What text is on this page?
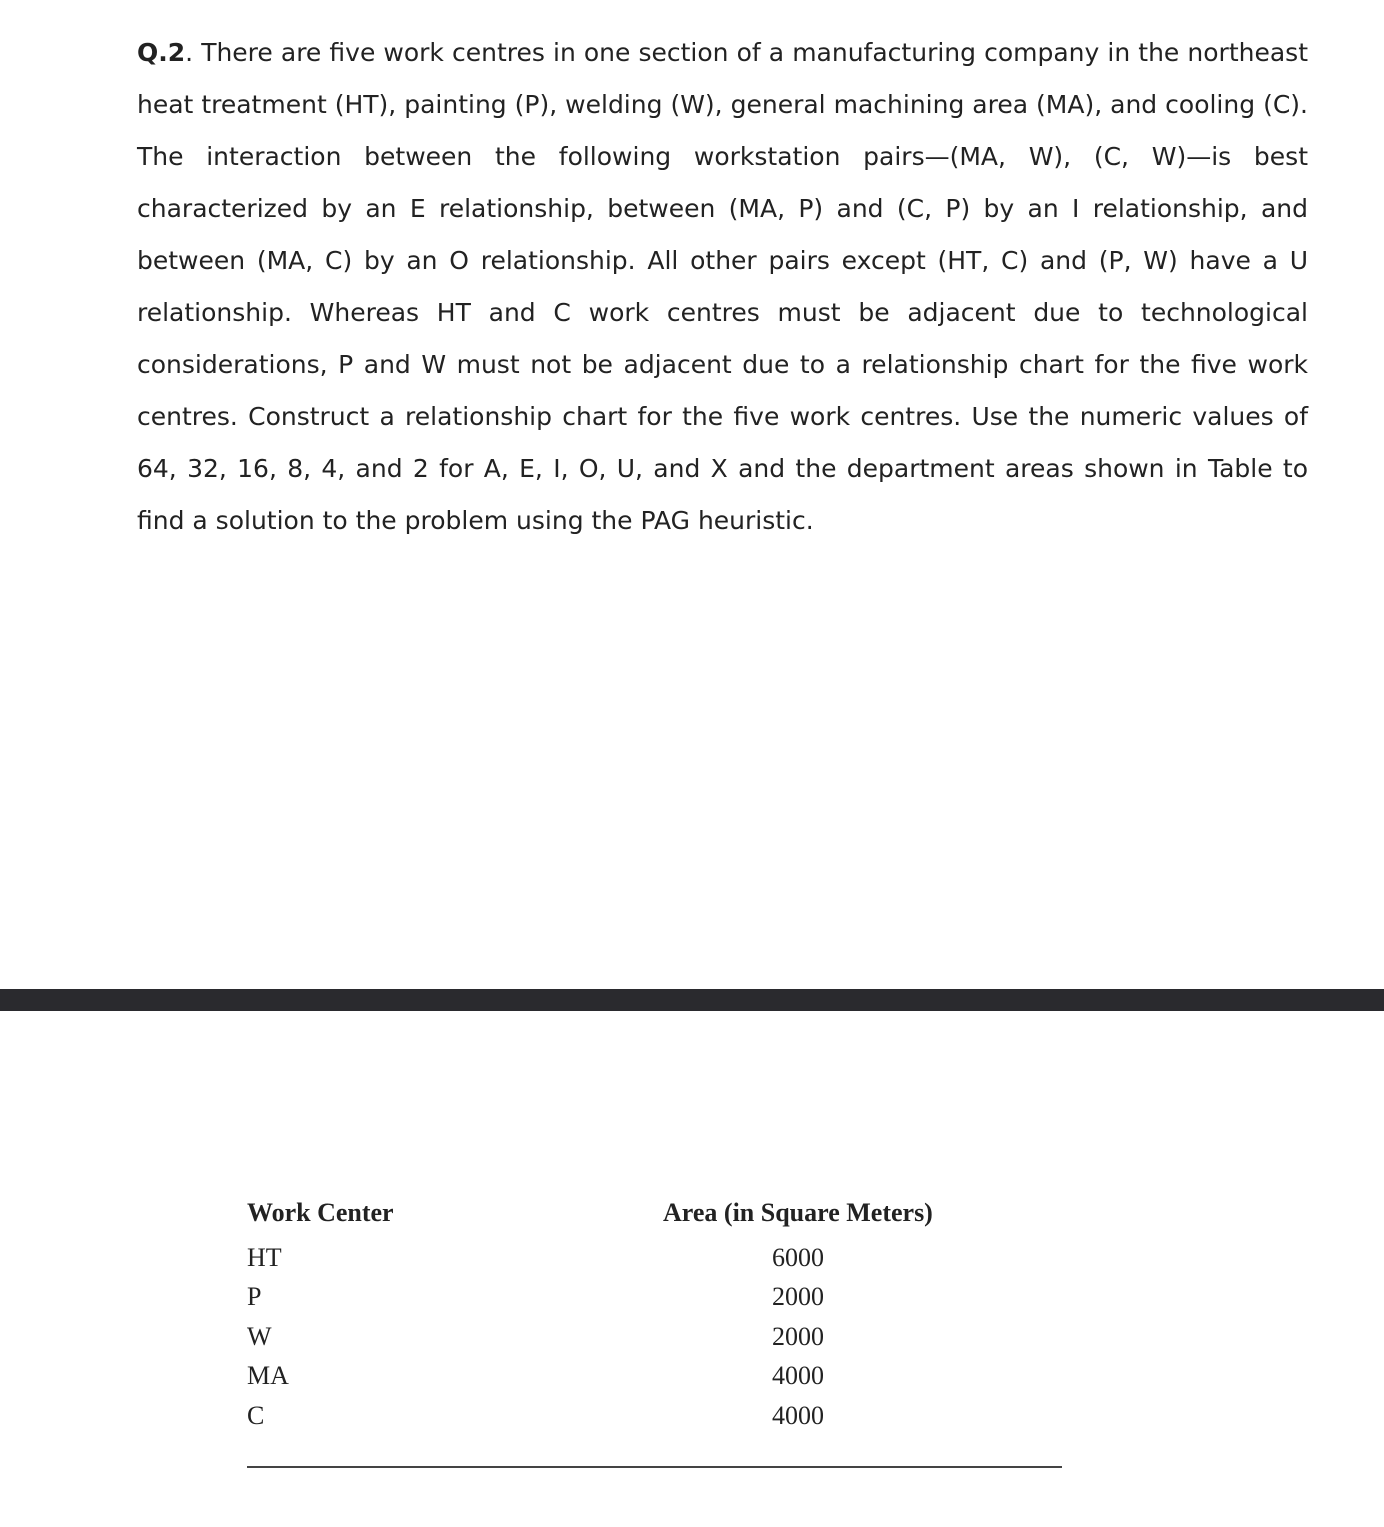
Q.2. There are five work centres in one section of a manufacturing company in the northeast heat treatment (HT), painting (P), welding (W), general machining area (MA), and cooling (C). The interaction between the following workstation pairs—(MA, W), (C, W)—is best characterized by an E relationship, between (MA, P) and (C, P) by an I relationship, and between (MA, C) by an O relationship. All other pairs except (HT, C) and (P, W) have a U relationship. Whereas HT and C work centres must be adjacent due to technological considerations, P and W must not be adjacent due to a relationship chart for the five work centres. Construct a relationship chart for the five work centres. Use the numeric values of 64, 32, 16, 8, 4, and 2 for A, E, I, O, U, and X and the department areas shown in Table to find a solution to the problem using the PAG heuristic.

Work Center	Area (in Square Meters)
HT	6000
P	2000
W	2000
MA	4000
C	4000
